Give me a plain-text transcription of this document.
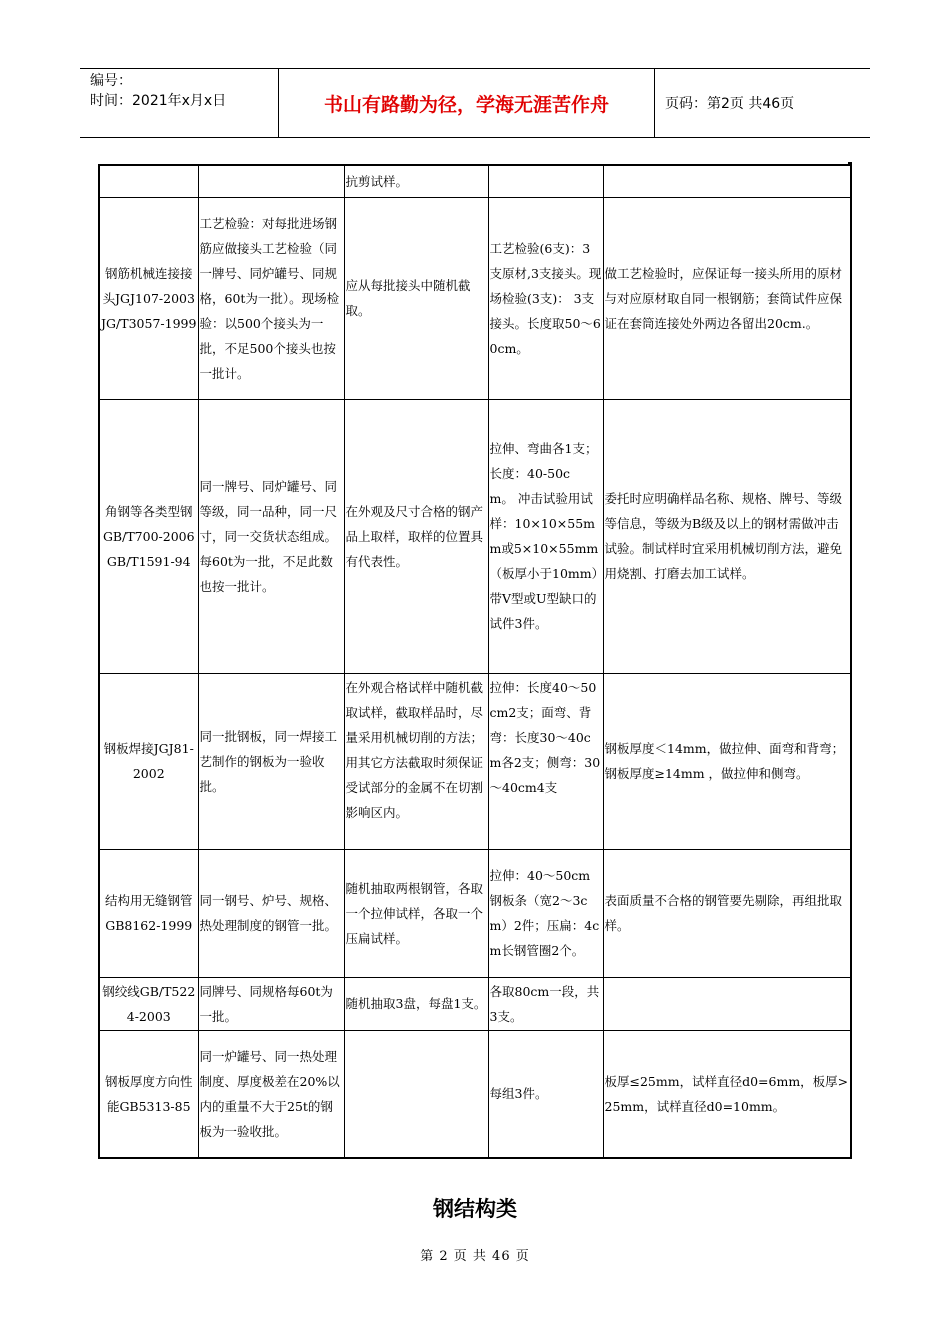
编号：
时间：2021年x月x日	书山有路勤为径，学海无涯苦作舟	页码：第2页 共46页
		抗剪试样。		
钢筋机械连接接头JGJ107-2003JG/T3057-1999	工艺检验：对每批进场钢筋应做接头工艺检验（同一牌号、同炉罐号、同规格，60t为一批）。现场检验：以500个接头为一批，不足500个接头也按一批计。	应从每批接头中随机截取。	工艺检验(6支)：3支原材,3支接头。现场检验(3支)： 3支接头。长度取50～60cm。	做工艺检验时，应保证每一接头所用的原材与对应原材取自同一根钢筋；套筒试件应保证在套筒连接处外两边各留出20cm.。
角钢等各类型钢GB/T700-2006GB/T1591-94	同一牌号、同炉罐号、同等级，同一品种，同一尺寸，同一交货状态组成。每60t为一批，不足此数也按一批计。	在外观及尺寸合格的钢产品上取样，取样的位置具有代表性。	拉伸、弯曲各1支；长度：40-50cm。 冲击试验用试样：10×10×55mm或5×10×55mm（板厚小于10mm）带V型或U型缺口的试件3件。	委托时应明确样品名称、规格、牌号、等级等信息，等级为B级及以上的钢材需做冲击试验。制试样时宜采用机械切削方法，避免用烧割、打磨去加工试样。
钢板焊接JGJ81-2002	同一批钢板，同一焊接工艺制作的钢板为一验收批。	在外观合格试样中随机截取试样，截取样品时，尽量采用机械切削的方法；用其它方法截取时须保证受试部分的金属不在切割影响区内。	拉伸：长度40～50cm2支；面弯、背弯：长度30～40cm各2支；侧弯：30～40cm4支	钢板厚度＜14mm，做拉伸、面弯和背弯；钢板厚度≥14mm ，做拉伸和侧弯。
结构用无缝钢管GB8162-1999	同一钢号、炉号、规格、热处理制度的钢管一批。	随机抽取两根钢管，各取一个拉伸试样，各取一个压扁试样。	拉伸：40～50cm钢板条（宽2～3cm）2件；压扁：4cm长钢管圈2个。	表面质量不合格的钢管要先剔除，再组批取样。
钢绞线GB/T5224-2003	同牌号、同规格每60t为一批。	随机抽取3盘，每盘1支。	各取80cm一段，共3支。	
钢板厚度方向性能GB5313-85	同一炉罐号、同一热处理制度、厚度极差在20%以内的重量不大于25t的钢板为一验收批。		每组3件。	板厚≤25mm，试样直径d0=6mm，板厚>25mm，试样直径d0=10mm。
钢结构类
第 2 页 共 46 页
